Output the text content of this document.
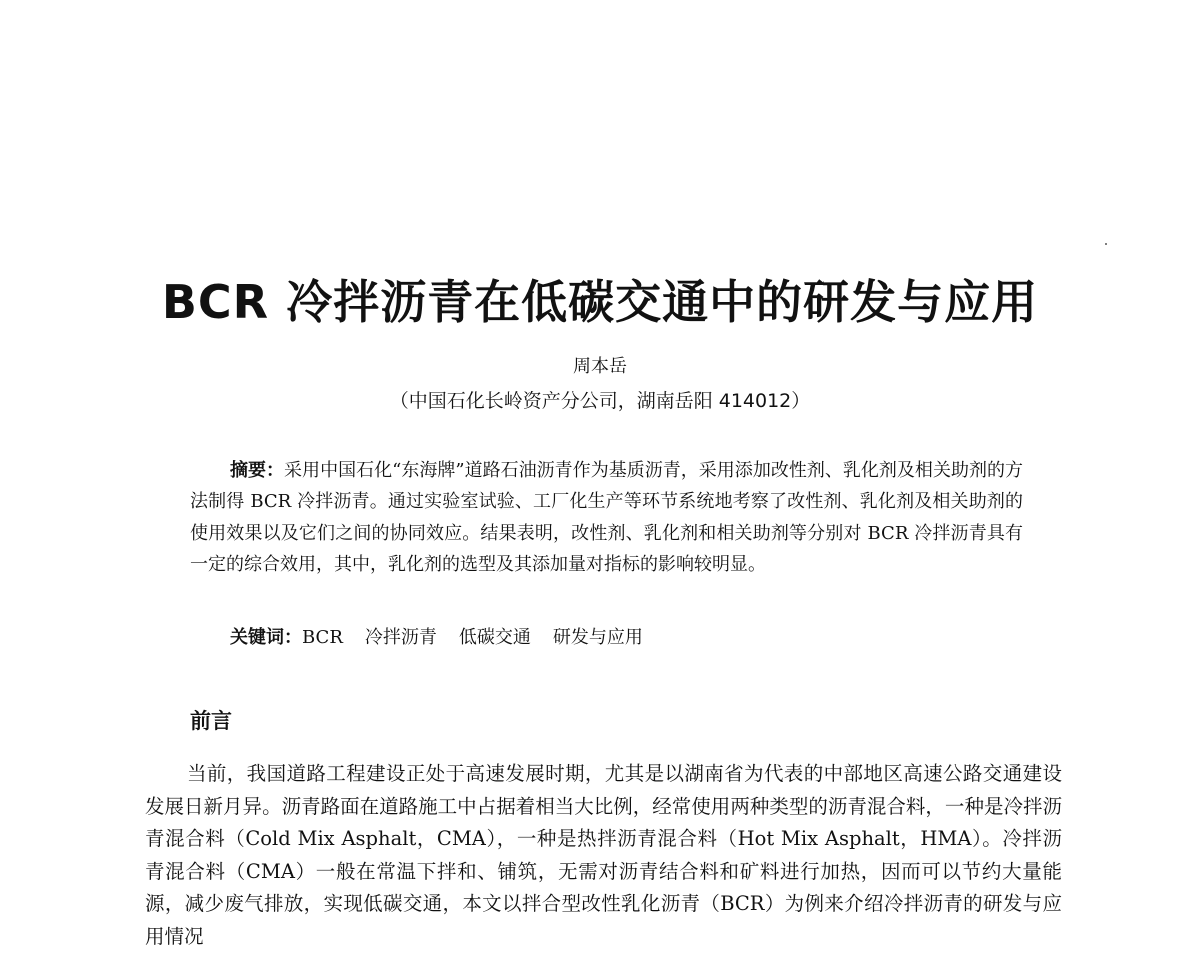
BCR 冷拌沥青在低碳交通中的研发与应用
周本岳
（中国石化长岭资产分公司，湖南岳阳 414012）
摘要：采用中国石化“东海牌”道路石油沥青作为基质沥青，采用添加改性剂、乳化剂及相关助剂的方法制得 BCR 冷拌沥青。通过实验室试验、工厂化生产等环节系统地考察了改性剂、乳化剂及相关助剂的使用效果以及它们之间的协同效应。结果表明，改性剂、乳化剂和相关助剂等分别对 BCR 冷拌沥青具有一定的综合效用，其中，乳化剂的选型及其添加量对指标的影响较明显。
关键词：BCR 冷拌沥青 低碳交通 研发与应用
前言
当前，我国道路工程建设正处于高速发展时期，尤其是以湖南省为代表的中部地区高速公路交通建设发展日新月异。沥青路面在道路施工中占据着相当大比例，经常使用两种类型的沥青混合料，一种是冷拌沥青混合料（Cold Mix Asphalt，CMA），一种是热拌沥青混合料（Hot Mix Asphalt，HMA）。冷拌沥青混合料（CMA）一般在常温下拌和、铺筑，无需对沥青结合料和矿料进行加热，因而可以节约大量能源，减少废气排放，实现低碳交通，本文以拌合型改性乳化沥青（BCR）为例来介绍冷拌沥青的研发与应用情况
